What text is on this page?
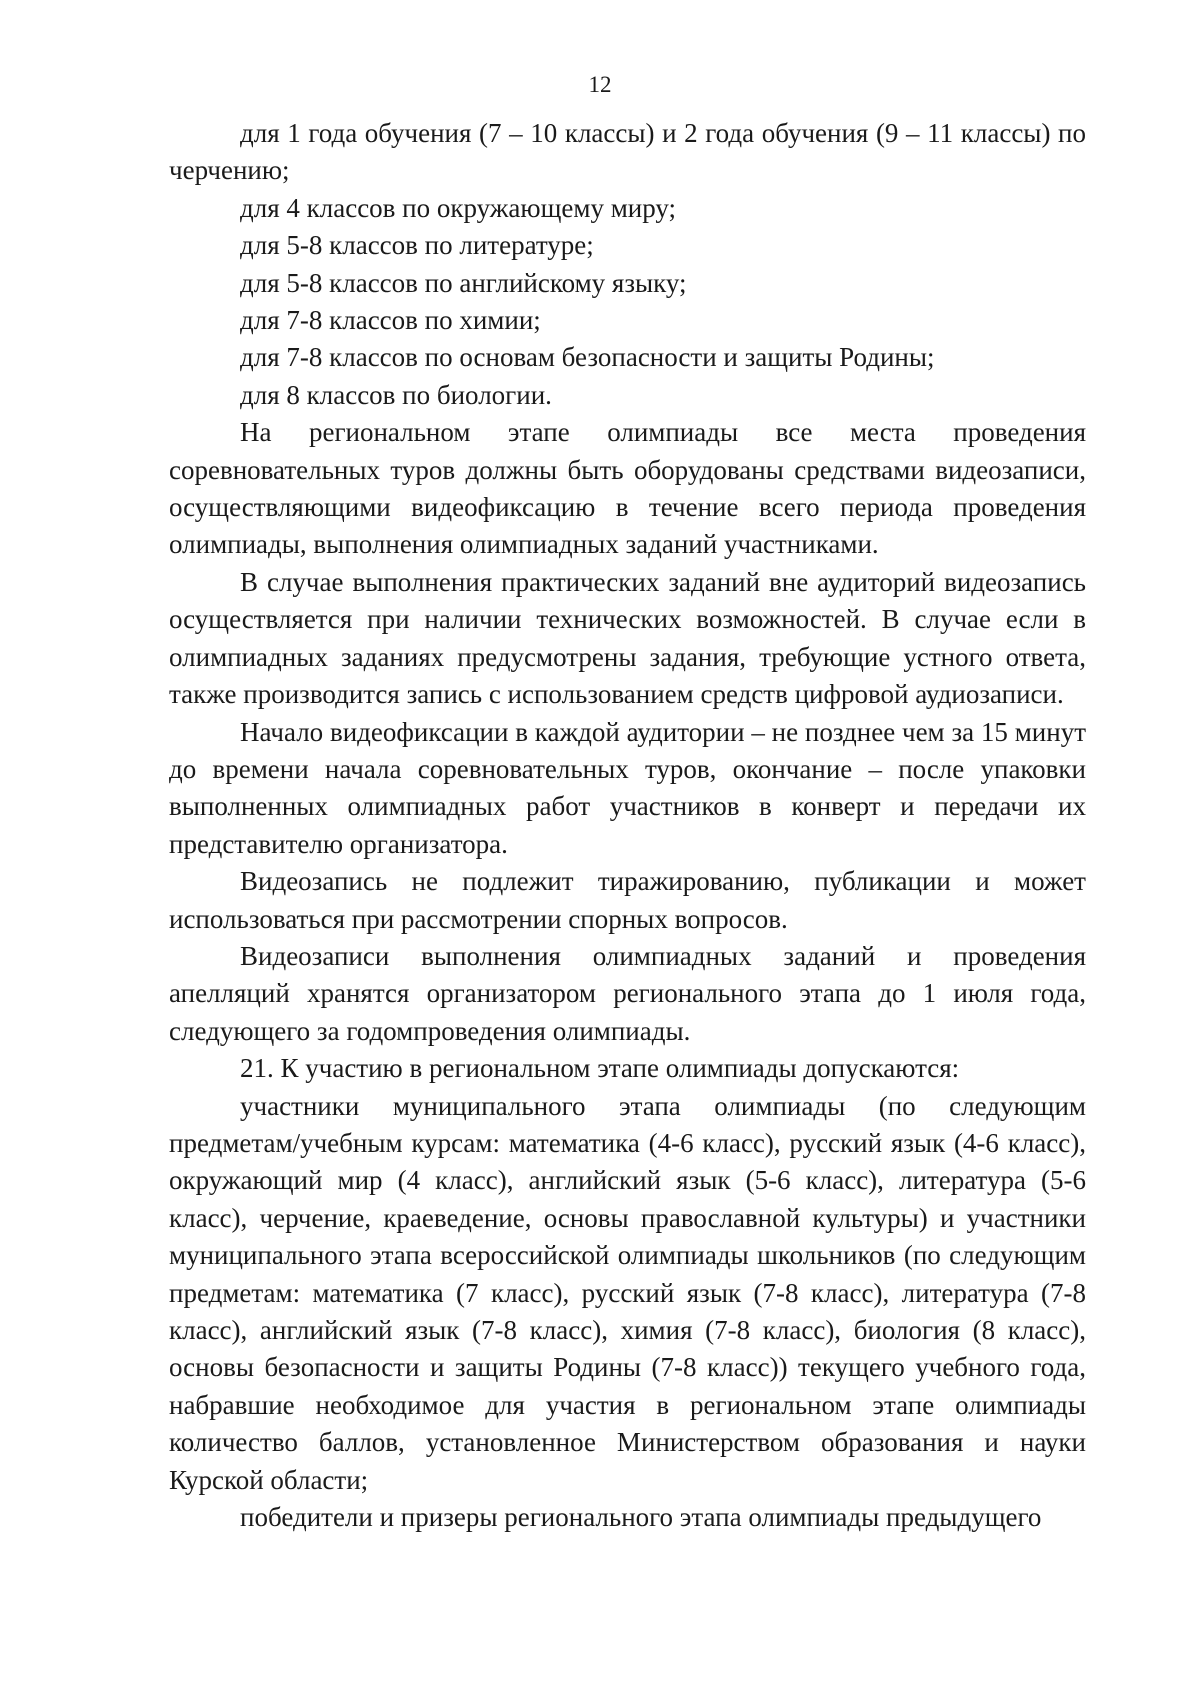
12

для 1 года обучения (7 – 10 классы) и 2 года обучения (9 – 11 классы) по черчению;

для 4 классов по окружающему миру;

для 5-8 классов по литературе;

для 5-8 классов по английскому языку;

для 7-8 классов по химии;

для 7-8 классов по основам безопасности и защиты Родины;

для 8 классов по биологии.

На региональном этапе олимпиады все места проведения соревновательных туров должны быть оборудованы средствами видеозаписи, осуществляющими видеофиксацию в течение всего периода проведения олимпиады, выполнения олимпиадных заданий участниками.

В случае выполнения практических заданий вне аудиторий видеозапись осуществляется при наличии технических возможностей. В случае если в олимпиадных заданиях предусмотрены задания, требующие устного ответа, также производится запись с использованием средств цифровой аудиозаписи.

Начало видеофиксации в каждой аудитории – не позднее чем за 15 минут до времени начала соревновательных туров, окончание – после упаковки выполненных олимпиадных работ участников в конверт и передачи их представителю организатора.

Видеозапись не подлежит тиражированию, публикации и может использоваться при рассмотрении спорных вопросов.

Видеозаписи выполнения олимпиадных заданий и проведения апелляций хранятся организатором регионального этапа до 1 июля года, следующего за годомпроведения олимпиады.

21. К участию в региональном этапе олимпиады допускаются:

участники муниципального этапа олимпиады (по следующим предметам/учебным курсам: математика (4-6 класс), русский язык (4-6 класс), окружающий мир (4 класс), английский язык (5-6 класс), литература (5-6 класс), черчение, краеведение, основы православной культуры) и участники муниципального этапа всероссийской олимпиады школьников (по следующим предметам: математика (7 класс), русский язык (7-8 класс), литература (7-8 класс), английский язык (7-8 класс), химия (7-8 класс), биология (8 класс), основы безопасности и защиты Родины (7-8 класс)) текущего учебного года, набравшие необходимое для участия в региональном этапе олимпиады количество баллов, установленное Министерством образования и науки Курской области;

победители и призеры регионального этапа олимпиады предыдущего
